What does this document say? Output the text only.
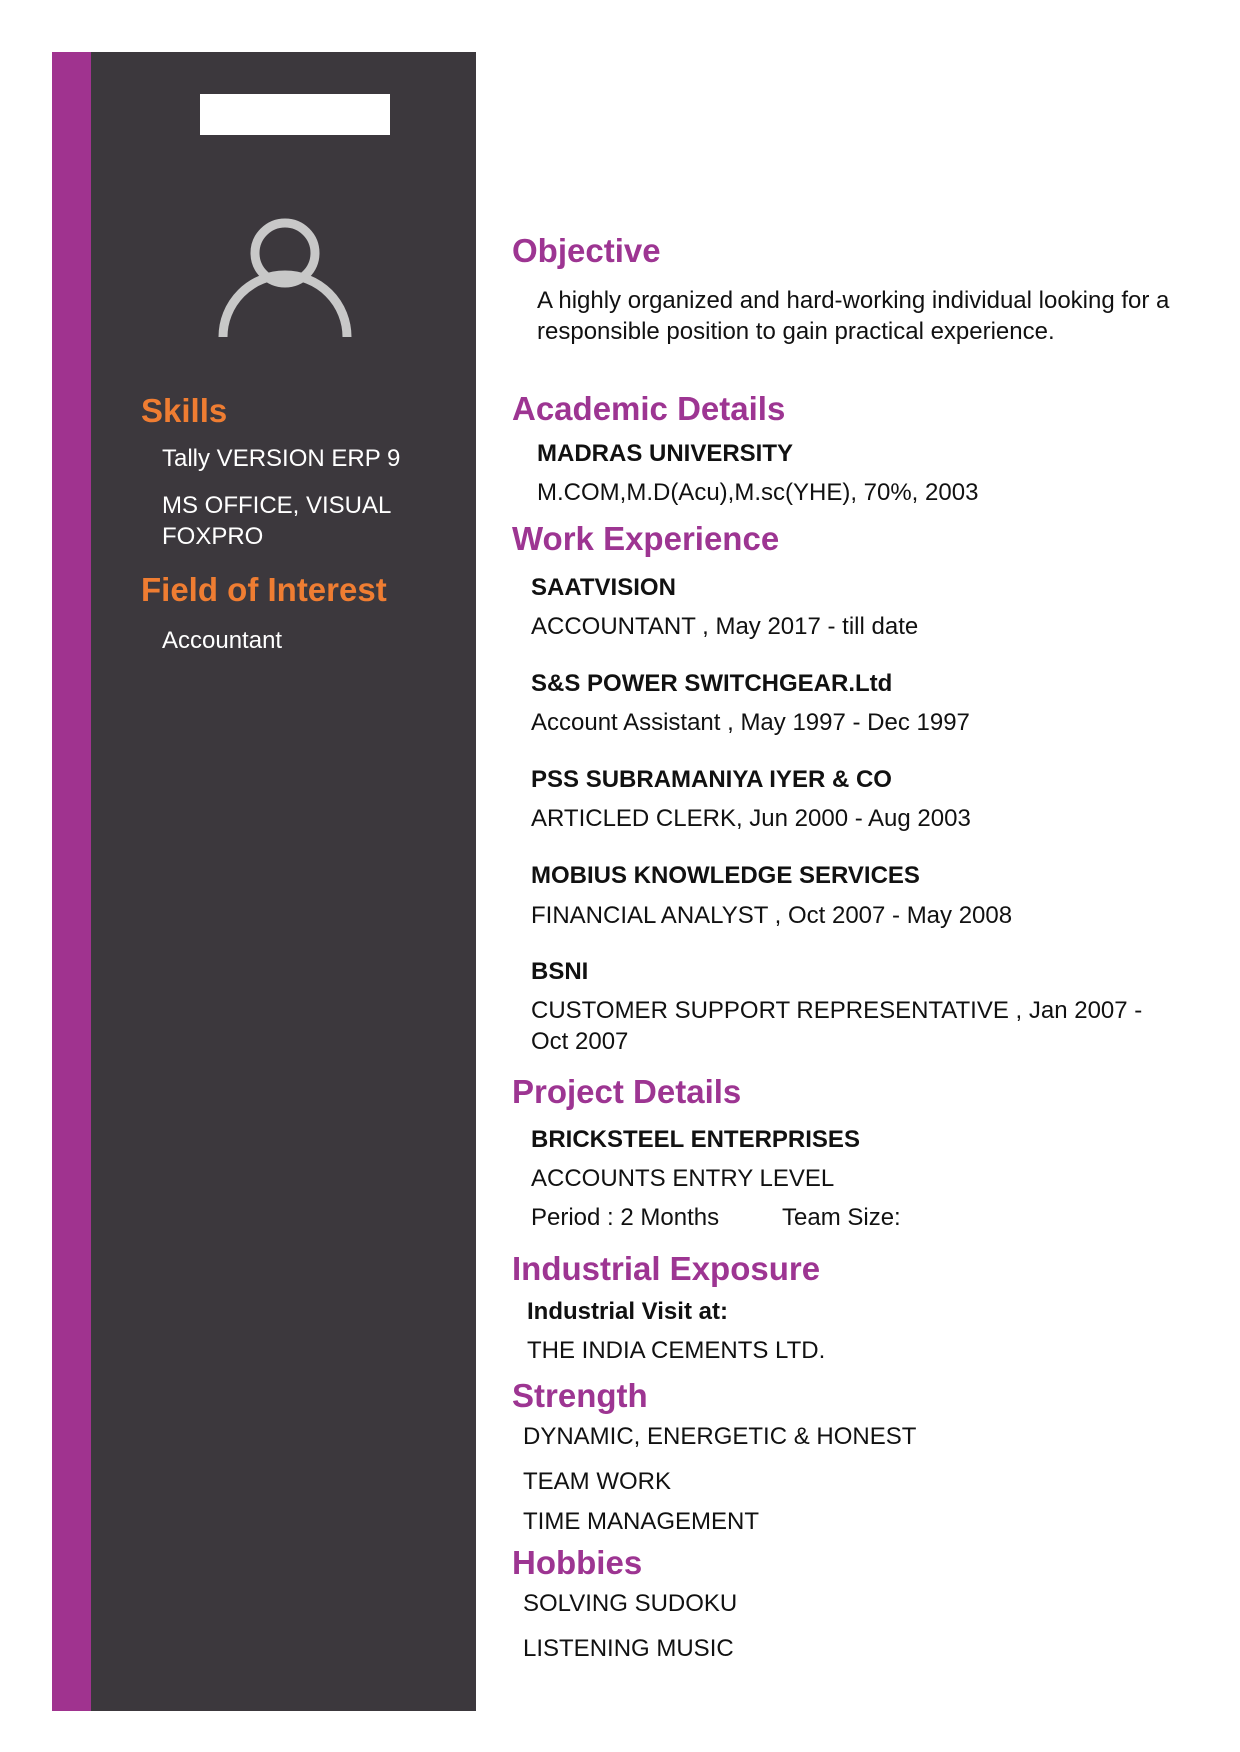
Skills

Tally VERSION ERP 9

MS OFFICE, VISUAL FOXPRO

Field of Interest

Accountant

Objective

A highly organized and hard-working individual looking for a responsible position to gain practical experience.

Academic Details

MADRAS UNIVERSITY

M.COM,M.D(Acu),M.sc(YHE), 70%, 2003

Work Experience

SAATVISION

ACCOUNTANT , May 2017 - till date

S&S POWER SWITCHGEAR.Ltd

Account Assistant , May 1997 - Dec 1997

PSS SUBRAMANIYA IYER & CO

ARTICLED CLERK, Jun 2000 - Aug 2003

MOBIUS KNOWLEDGE SERVICES

FINANCIAL ANALYST , Oct 2007 - May 2008

BSNI

CUSTOMER SUPPORT REPRESENTATIVE , Jan 2007 - Oct 2007

Project Details

BRICKSTEEL ENTERPRISES

ACCOUNTS ENTRY LEVEL

Period : 2 Months	Team Size:

Industrial Exposure

Industrial Visit at:

THE INDIA CEMENTS LTD.

Strength

DYNAMIC, ENERGETIC & HONEST

TEAM WORK

TIME MANAGEMENT

Hobbies

SOLVING SUDOKU

LISTENING MUSIC
